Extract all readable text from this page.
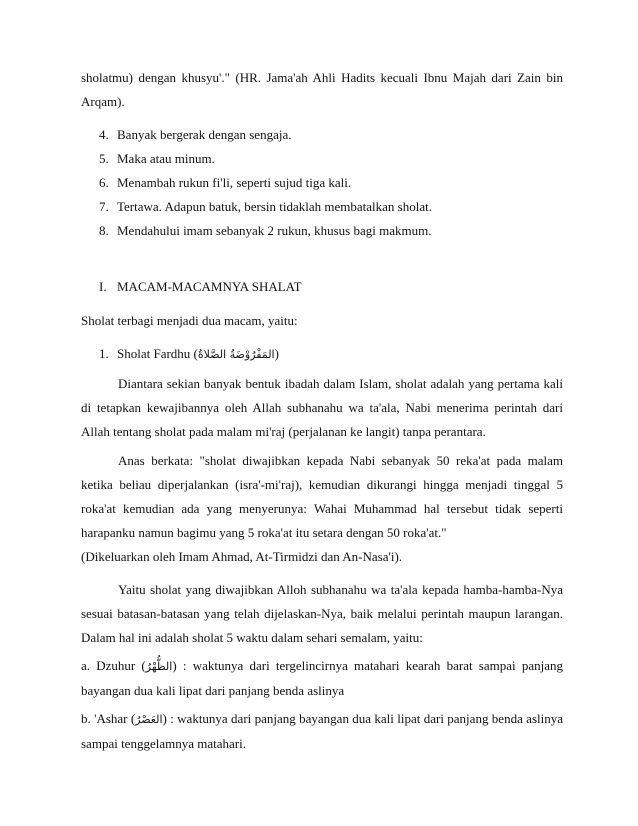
sholatmu) dengan khusyu'." (HR. Jama'ah Ahli Hadits kecuali Ibnu Majah dari Zain bin Arqam).
4. Banyak bergerak dengan sengaja.
5. Maka atau minum.
6. Menambah rukun fi'li, seperti sujud tiga kali.
7. Tertawa. Adapun batuk, bersin tidaklah membatalkan sholat.
8. Mendahului imam sebanyak 2 rukun, khusus bagi makmum.
I. MACAM-MACAMNYA SHALAT
Sholat terbagi menjadi dua macam, yaitu:
1. Sholat Fardhu (المَفْرُوْضَةُ الصَّلاةُ)
Diantara sekian banyak bentuk ibadah dalam Islam, sholat adalah yang pertama kali di tetapkan kewajibannya oleh Allah subhanahu wa ta'ala, Nabi menerima perintah dari Allah tentang sholat pada malam mi'raj (perjalanan ke langit) tanpa perantara.
Anas berkata: "sholat diwajibkan kepada Nabi sebanyak 50 reka'at pada malam ketika beliau diperjalankan (isra'-mi'raj), kemudian dikurangi hingga menjadi tinggal 5 roka'at kemudian ada yang menyerunya: Wahai Muhammad hal tersebut tidak seperti harapanku namun bagimu yang 5 roka'at itu setara dengan 50 roka'at."
(Dikeluarkan oleh Imam Ahmad, At-Tirmidzi dan An-Nasa'i).
Yaitu sholat yang diwajibkan Alloh subhanahu wa ta'ala kepada hamba-hamba-Nya sesuai batasan-batasan yang telah dijelaskan-Nya, baik melalui perintah maupun larangan. Dalam hal ini adalah sholat 5 waktu dalam sehari semalam, yaitu:
a. Dzuhur (الظُّهْرُ) : waktunya dari tergelincirnya matahari kearah barat sampai panjang bayangan dua kali lipat dari panjang benda aslinya
b. 'Ashar (العَصْرُ) : waktunya dari panjang bayangan dua kali lipat dari panjang benda aslinya sampai tenggelamnya matahari.
